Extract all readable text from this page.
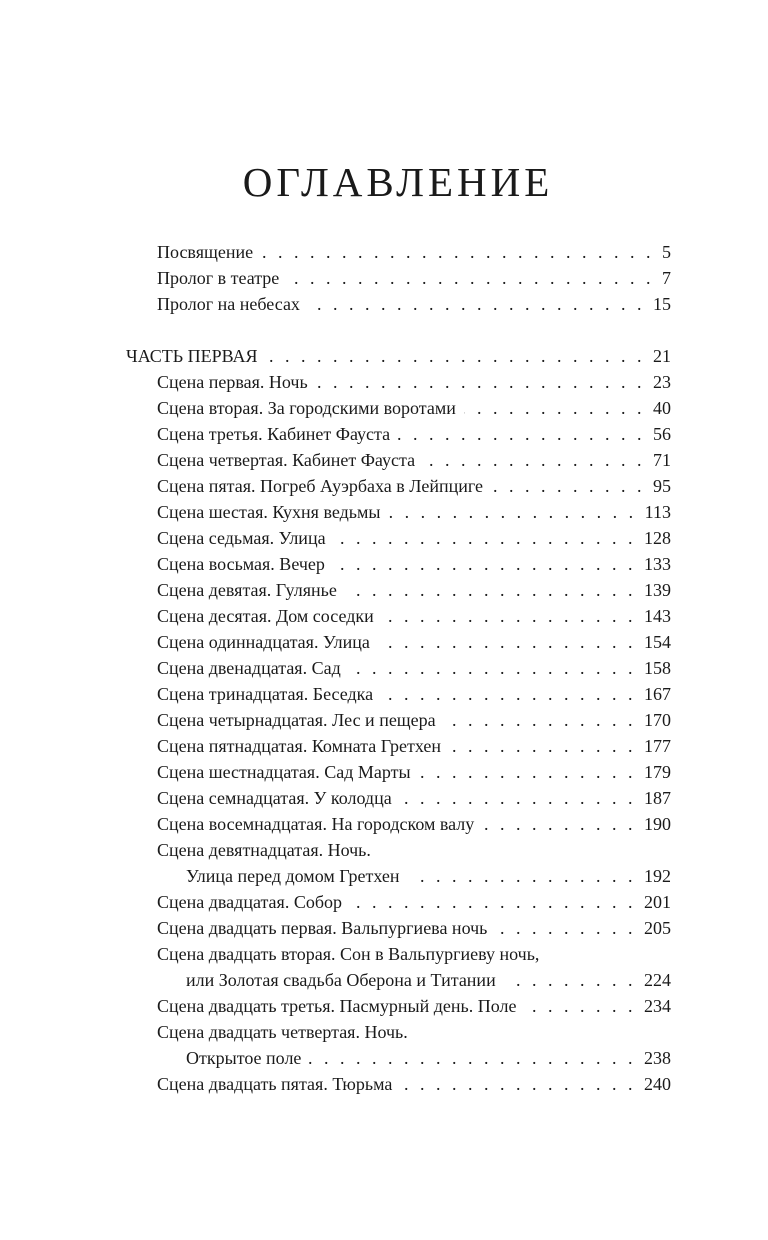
ОГЛАВЛЕНИЕ
Посвящение . . .	5
Пролог в театре . . .	7
Пролог на небесах . . .	15
ЧАСТЬ ПЕРВАЯ . . .	21
Сцена первая. Ночь . . .	23
Сцена вторая. За городскими воротами . . .	40
Сцена третья. Кабинет Фауста . . .	56
Сцена четвертая. Кабинет Фауста . . .	71
Сцена пятая. Погреб Ауэрбаха в Лейпциге . . .	95
Сцена шестая. Кухня ведьмы . . .	113
Сцена седьмая. Улица . . .	128
Сцена восьмая. Вечер . . .	133
Сцена девятая. Гулянье . . .	139
Сцена десятая. Дом соседки . . .	143
Сцена одиннадцатая. Улица . . .	154
Сцена двенадцатая. Сад . . .	158
Сцена тринадцатая. Беседка . . .	167
Сцена четырнадцатая. Лес и пещера . . .	170
Сцена пятнадцатая. Комната Гретхен . . .	177
Сцена шестнадцатая. Сад Марты . . .	179
Сцена семнадцатая. У колодца . . .	187
Сцена восемнадцатая. На городском валу . . .	190
Сцена девятнадцатая. Ночь.
Улица перед домом Гретхен . . .	192
Сцена двадцатая. Собор . . .	201
Сцена двадцать первая. Вальпургиева ночь . . .	205
Сцена двадцать вторая. Сон в Вальпургиеву ночь,
или Золотая свадьба Оберона и Титании . . .	224
Сцена двадцать третья. Пасмурный день. Поле . . .	234
Сцена двадцать четвертая. Ночь.
Открытое поле . . .	238
Сцена двадцать пятая. Тюрьма . . .	240
